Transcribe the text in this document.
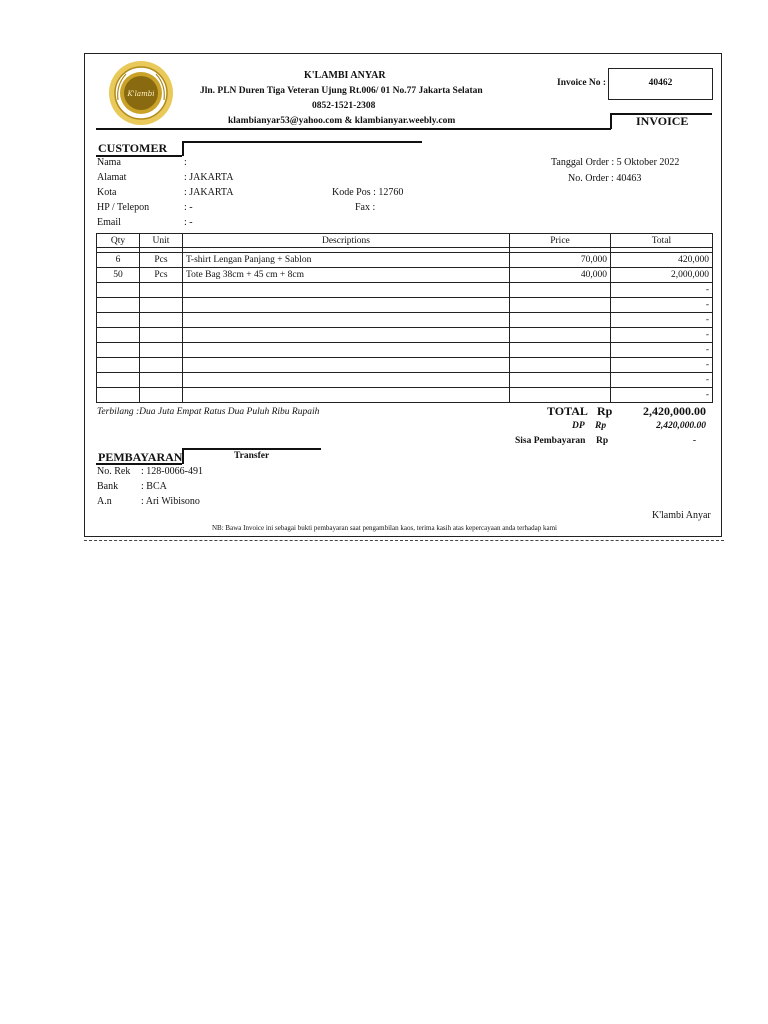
K'lambi
K'LAMBI ANYAR
Jln. PLN Duren Tiga Veteran Ujung Rt.006/ 01 No.77 Jakarta Selatan
0852-1521-2308
klambianyar53@yahoo.com & klambianyar.weebly.com
Invoice No :	40462
INVOICE
CUSTOMER
Nama	:
Alamat	: JAKARTA
Kota	: JAKARTA
HP / Telepon	: -
Email	: -
Kode Pos : 12760
Fax :
Tanggal Order : 5 Oktober 2022
No. Order : 40463
Qty	Unit	Descriptions	Price	Total

6	Pcs	T-shirt Lengan Panjang + Sablon	70,000	420,000
50	Pcs	Tote Bag 38cm + 45 cm + 8cm	40,000	2,000,000
				-
				-
				-
				-
				-
				-
				-
				-
Terbilang :Dua Juta Empat Ratus Dua Puluh Ribu Rupaih	TOTAL Rp	2,420,000.00
DP Rp	2,420,000.00
Sisa Pembayaran Rp	-
PEMBAYARAN	Transfer
No. Rek : 128-0066-491
Bank : BCA
A.n	: Ari Wibisono
K'lambi Anyar
NB: Bawa Invoice ini sebagai bukti pembayaran saat pengambilan kaos, terima kasih atas kepercayaan anda terhadap kami
